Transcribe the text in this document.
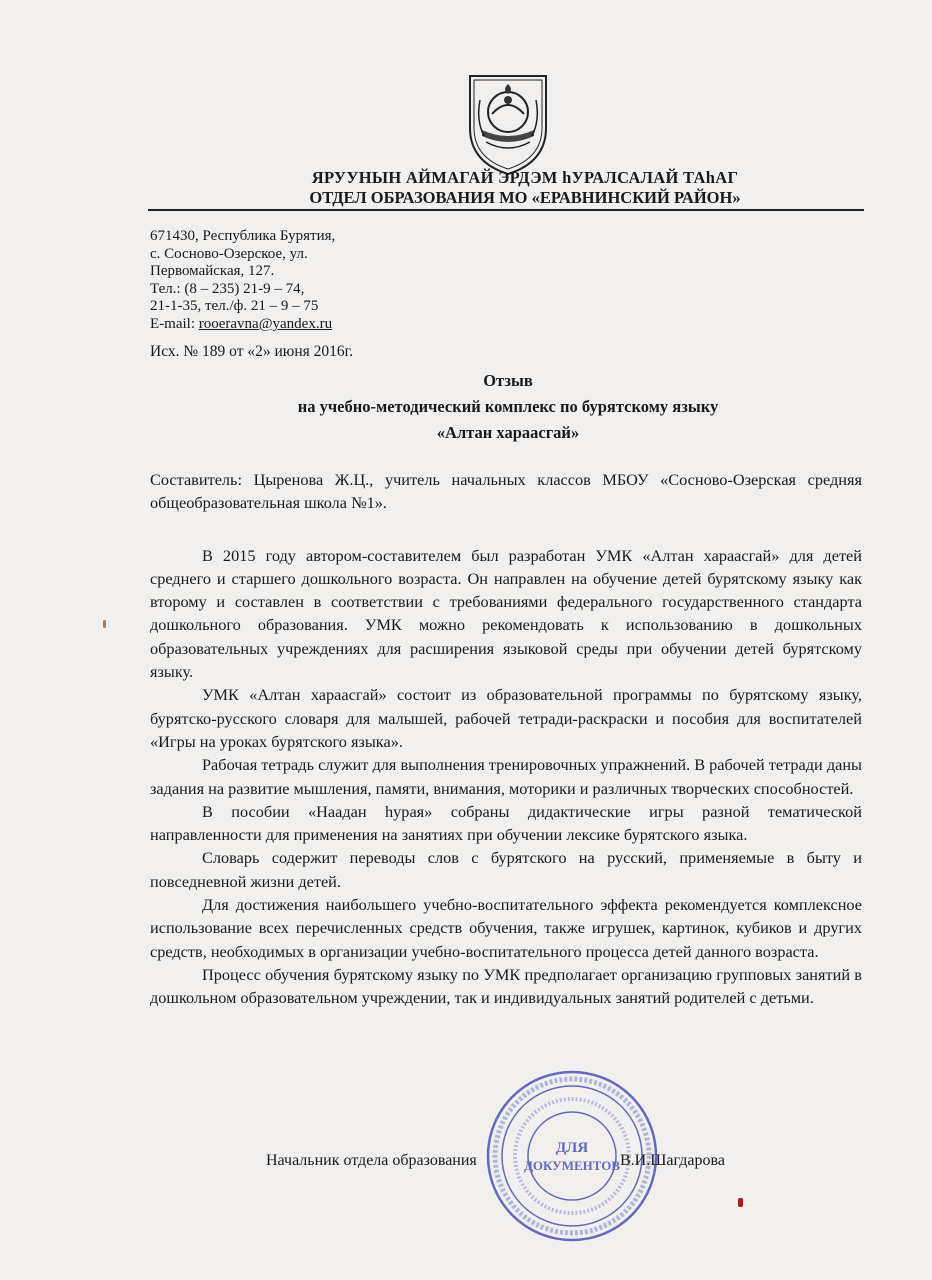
ЯРУУНЫН АЙМАГАЙ ЭРДЭМ hУРАЛСАЛАЙ ТАhАГ
ОТДЕЛ ОБРАЗОВАНИЯ МО «ЕРАВНИНСКИЙ РАЙОН»
671430, Республика Бурятия,
с. Сосново-Озерское, ул.
Первомайская, 127.
Тел.: (8 – 235) 21-9 – 74,
21-1-35, тел./ф. 21 – 9 – 75
E-mail: rooeravna@yandex.ru
Исх. № 189 от «2» июня 2016г.
Отзыв
на учебно-методический комплекс по бурятскому языку
«Алтан хараасгай»

Составитель: Цыренова Ж.Ц., учитель начальных классов МБОУ «Сосново-Озерская средняя общеобразовательная школа №1».

В 2015 году автором-составителем был разработан УМК «Алтан хараасгай» для детей среднего и старшего дошкольного возраста. Он направлен на обучение детей бурятскому языку как второму и составлен в соответствии с требованиями федерального государственного стандарта дошкольного образования. УМК можно рекомендовать к использованию в дошкольных образовательных учреждениях для расширения языковой среды при обучении детей бурятскому языку.

УМК «Алтан хараасгай» состоит из образовательной программы по бурятскому языку, бурятско-русского словаря для малышей, рабочей тетради-раскраски и пособия для воспитателей «Игры на уроках бурятского языка».

Рабочая тетрадь служит для выполнения тренировочных упражнений. В рабочей тетради даны задания на развитие мышления, памяти, внимания, моторики и различных творческих способностей.

В пособии «Наадан hурая» собраны дидактические игры разной тематической направленности для применения на занятиях при обучении лексике бурятского языка.

Словарь содержит переводы слов с бурятского на русский, применяемые в быту и повседневной жизни детей.

Для достижения наибольшего учебно-воспитательного эффекта рекомендуется комплексное использование всех перечисленных средств обучения, также игрушек, картинок, кубиков и других средств, необходимых в организации учебно-воспитательного процесса детей данного возраста.

Процесс обучения бурятскому языку по УМК предполагает организацию групповых занятий в дошкольном образовательном учреждении, так и индивидуальных занятий родителей с детьми.

ДЛЯ
ДОКУМЕНТОВ
Начальник отдела образования	В.И.Шагдарова
